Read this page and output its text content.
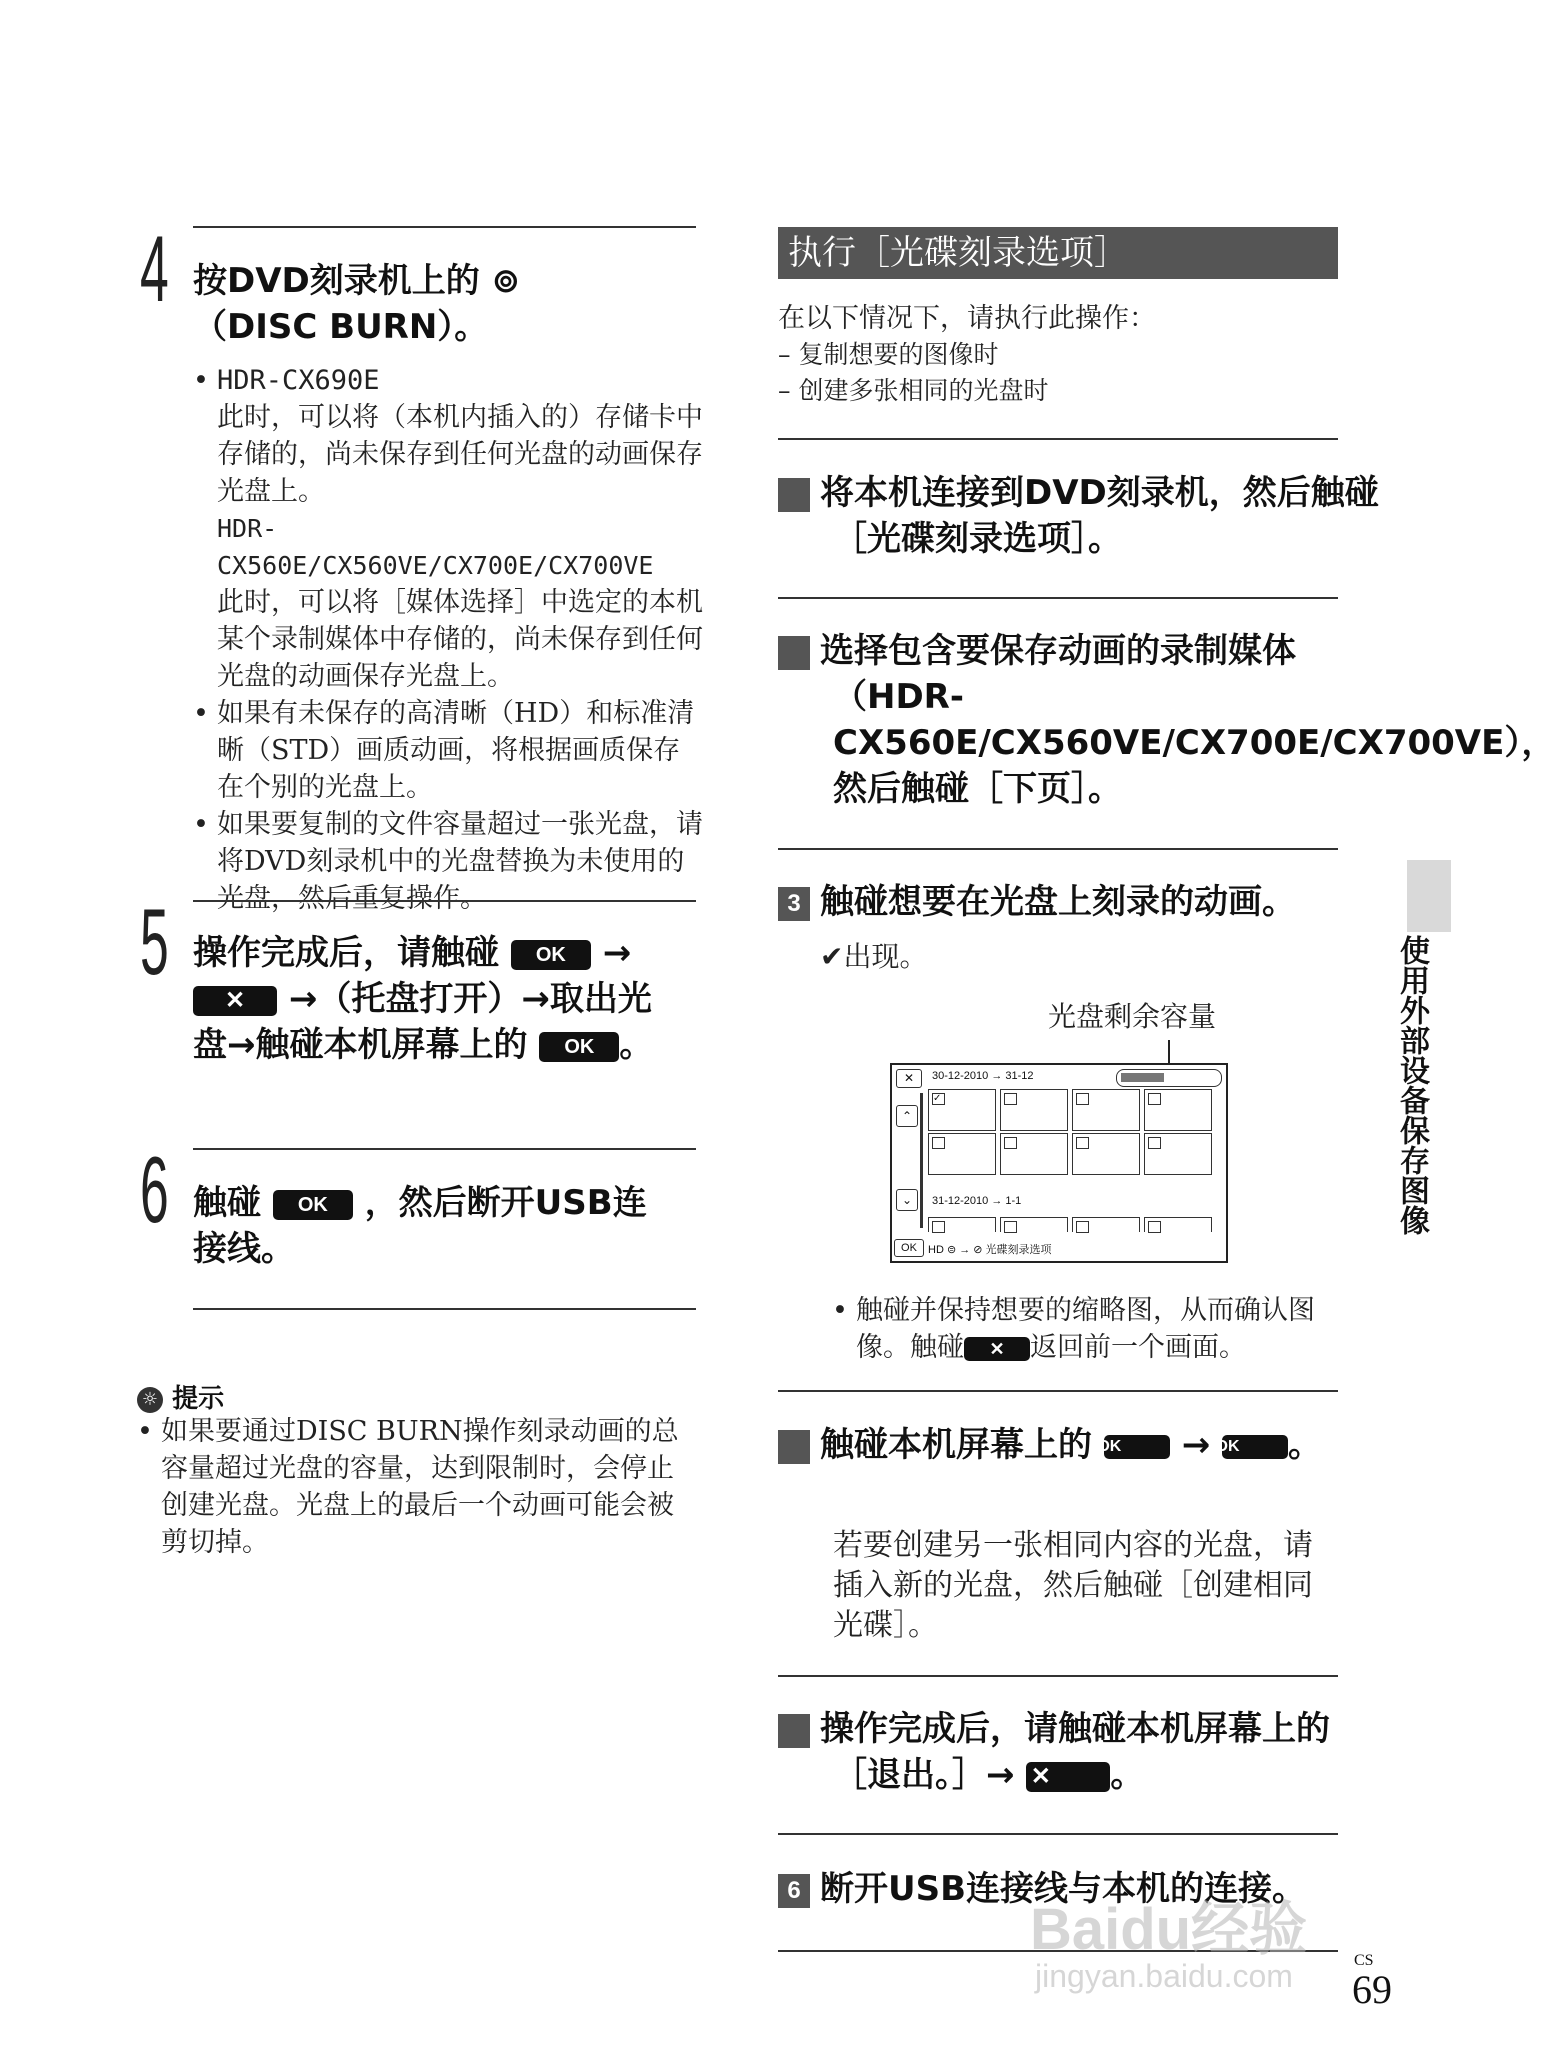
4 按DVD刻录机上的 ⊚（DISC BURN）。
• HDR-CX690E
此时，可以将（本机内插入的）存储卡中存储的，尚未保存到任何光盘的动画保存光盘上。
HDR-CX560E/CX560VE/CX700E/CX700VE
此时，可以将［媒体选择］中选定的本机某个录制媒体中存储的，尚未保存到任何光盘的动画保存光盘上。
• 如果有未保存的高清晰（HD）和标准清晰（STD）画质动画，将根据画质保存在个别的光盘上。
• 如果要复制的文件容量超过一张光盘，请将DVD刻录机中的光盘替换为未使用的光盘，然后重复操作。
5 操作完成后，请触碰 OK → ✕ →（托盘打开）→取出光盘→触碰本机屏幕上的 OK 。
6 触碰 OK ，然后断开USB连接线。
☼ 提示
• 如果要通过DISC BURN操作刻录动画的总容量超过光盘的容量，达到限制时，会停止创建光盘。光盘上的最后一个动画可能会被剪切掉。
执行［光碟刻录选项］
在以下情况下，请执行此操作：
– 复制想要的图像时
– 创建多张相同的光盘时
1 将本机连接到DVD刻录机，然后触碰［光碟刻录选项］。
2 选择包含要保存动画的录制媒体（HDR-CX560E/CX560VE/CX700E/CX700VE），然后触碰［下页］。
3 触碰想要在光盘上刻录的动画。
✔出现。
光盘剩余容量
✕	30-12-2010 → 31-12
⌃
⌄
OK
✓
31-12-2010 → 1-1
HD ⊜ → ⊘ 光碟刻录选项
• 触碰并保持想要的缩略图，从而确认图像。触碰 ✕ 返回前一个画面。
4 触碰本机屏幕上的 OK → OK 。
若要创建另一张相同内容的光盘，请插入新的光盘，然后触碰［创建相同光碟］。
5 操作完成后，请触碰本机屏幕上的［退出。］→ ✕ 。
6 断开USB连接线与本机的连接。
使用外部设备保存图像
Baidu经验
jingyan.baidu.com	CS
69
